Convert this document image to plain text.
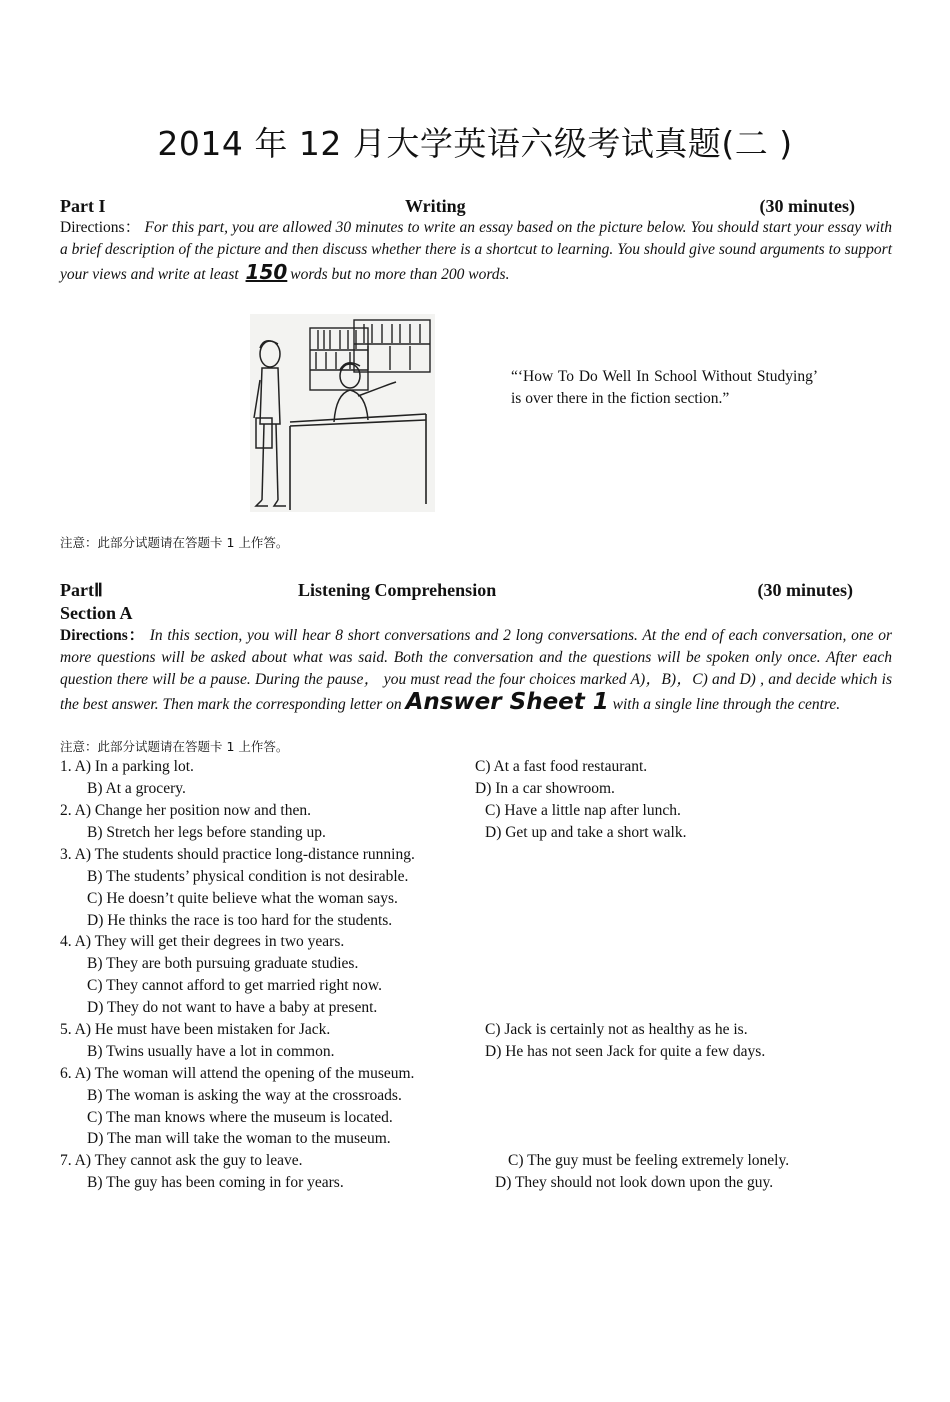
2014 年 12 月大学英语六级考试真题(二 )
Part I	Writing	(30 minutes)
Directions： For this part, you are allowed 30 minutes to write an essay based on the picture below. You should start your essay with a brief description of the picture and then discuss whether there is a shortcut to learning. You should give sound arguments to support your views and write at least 150 words but no more than 200 words.
“‘How To Do Well In School Without Studying’ is over there in the fiction section.”
注意：此部分试题请在答题卡 1 上作答。
PartⅡ	Listening Comprehension	(30 minutes)
Section A
Directions： In this section, you will hear 8 short conversations and 2 long conversations. At the end of each conversation, one or more questions will be asked about what was said. Both the conversation and the questions will be spoken only once. After each question there will be a pause. During the pause， you must read the four choices marked A)，B)，C) and D) , and decide which is the best answer. Then mark the corresponding letter on Answer Sheet 1 with a single line through the centre.
注意：此部分试题请在答题卡 1 上作答。
1. A) In a parking lot.	C) At a fast food restaurant.
B) At a grocery.	D) In a car showroom.
2. A) Change her position now and then.	C) Have a little nap after lunch.
B) Stretch her legs before standing up.	D) Get up and take a short walk.
3. A) The students should practice long-distance running.
B) The students’ physical condition is not desirable.
C) He doesn’t quite believe what the woman says.
D) He thinks the race is too hard for the students.
4. A) They will get their degrees in two years.
B) They are both pursuing graduate studies.
C) They cannot afford to get married right now.
D) They do not want to have a baby at present.
5. A) He must have been mistaken for Jack.	C) Jack is certainly not as healthy as he is.
B) Twins usually have a lot in common.	D) He has not seen Jack for quite a few days.
6. A) The woman will attend the opening of the museum.
B) The woman is asking the way at the crossroads.
C) The man knows where the museum is located.
D) The man will take the woman to the museum.
7. A) They cannot ask the guy to leave.	C) The guy must be feeling extremely lonely.
B) The guy has been coming in for years.	D) They should not look down upon the guy.
